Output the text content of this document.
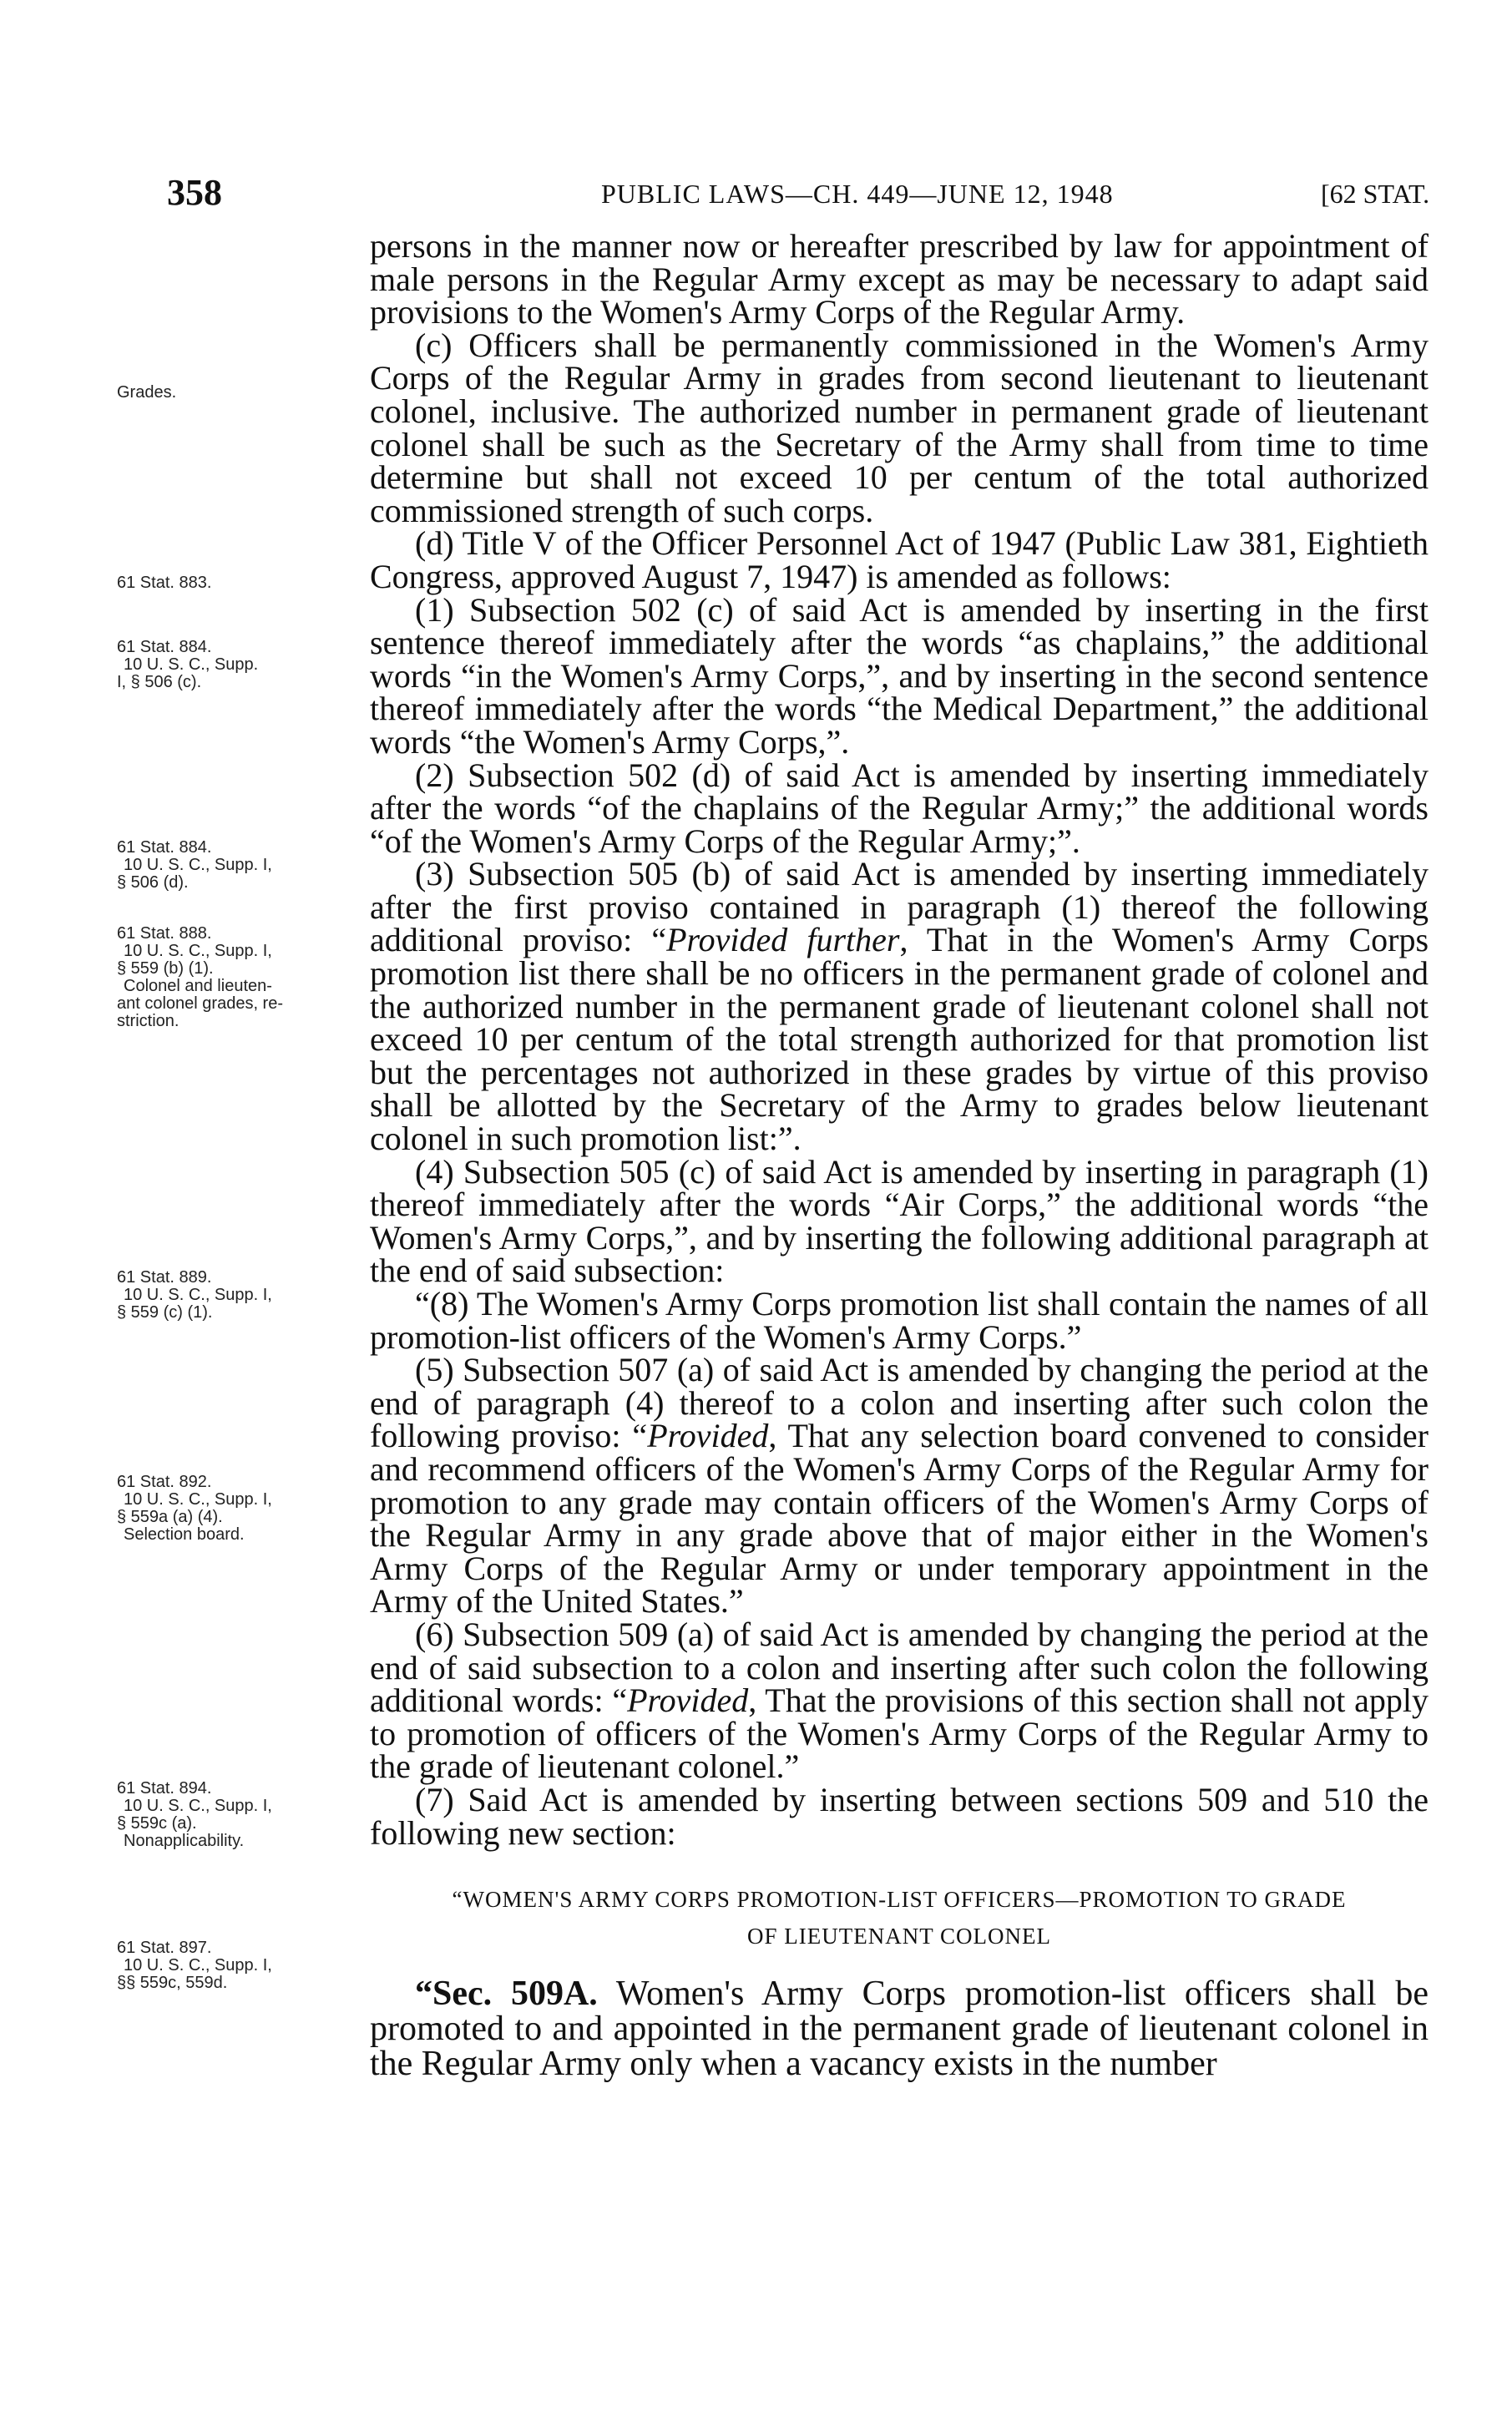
358	PUBLIC LAWS—CH. 449—JUNE 12, 1948	[62 STAT.
Grades.
61 Stat. 883.
61 Stat. 884.
10 U. S. C., Supp.
I, § 506 (c).
61 Stat. 884.
10 U. S. C., Supp. I,
§ 506 (d).
61 Stat. 888.
10 U. S. C., Supp. I,
§ 559 (b) (1).
Colonel and lieuten-
ant colonel grades, re-
striction.
61 Stat. 889.
10 U. S. C., Supp. I,
§ 559 (c) (1).
61 Stat. 892.
10 U. S. C., Supp. I,
§ 559a (a) (4).
Selection board.
61 Stat. 894.
10 U. S. C., Supp. I,
§ 559c (a).
Nonapplicability.
61 Stat. 897.
10 U. S. C., Supp. I,
§§ 559c, 559d.

persons in the manner now or hereafter prescribed by law for appointment of male persons in the Regular Army except as may be necessary to adapt said provisions to the Women's Army Corps of the Regular Army.

(c) Officers shall be permanently commissioned in the Women's Army Corps of the Regular Army in grades from second lieutenant to lieutenant colonel, inclusive. The authorized number in permanent grade of lieutenant colonel shall be such as the Secretary of the Army shall from time to time determine but shall not exceed 10 per centum of the total authorized commissioned strength of such corps.

(d) Title V of the Officer Personnel Act of 1947 (Public Law 381, Eightieth Congress, approved August 7, 1947) is amended as follows:

(1) Subsection 502 (c) of said Act is amended by inserting in the first sentence thereof immediately after the words “as chaplains,” the additional words “in the Women's Army Corps,”, and by inserting in the second sentence thereof immediately after the words “the Medical Department,” the additional words “the Women's Army Corps,”.

(2) Subsection 502 (d) of said Act is amended by inserting immediately after the words “of the chaplains of the Regular Army;” the additional words “of the Women's Army Corps of the Regular Army;”.

(3) Subsection 505 (b) of said Act is amended by inserting immediately after the first proviso contained in paragraph (1) thereof the following additional proviso: “Provided further, That in the Women's Army Corps promotion list there shall be no officers in the permanent grade of colonel and the authorized number in the permanent grade of lieutenant colonel shall not exceed 10 per centum of the total strength authorized for that promotion list but the percentages not authorized in these grades by virtue of this proviso shall be allotted by the Secretary of the Army to grades below lieutenant colonel in such promotion list:”.

(4) Subsection 505 (c) of said Act is amended by inserting in paragraph (1) thereof immediately after the words “Air Corps,” the additional words “the Women's Army Corps,”, and by inserting the following additional paragraph at the end of said subsection:

“(8) The Women's Army Corps promotion list shall contain the names of all promotion-list officers of the Women's Army Corps.”

(5) Subsection 507 (a) of said Act is amended by changing the period at the end of paragraph (4) thereof to a colon and inserting after such colon the following proviso: “Provided, That any selection board convened to consider and recommend officers of the Women's Army Corps of the Regular Army for promotion to any grade may contain officers of the Women's Army Corps of the Regular Army in any grade above that of major either in the Women's Army Corps of the Regular Army or under temporary appointment in the Army of the United States.”

(6) Subsection 509 (a) of said Act is amended by changing the period at the end of said subsection to a colon and inserting after such colon the following additional words: “Provided, That the provisions of this section shall not apply to promotion of officers of the Women's Army Corps of the Regular Army to the grade of lieutenant colonel.”

(7) Said Act is amended by inserting between sections 509 and 510 the following new section:

“WOMEN'S ARMY CORPS PROMOTION-LIST OFFICERS—PROMOTION TO GRADE
OF LIEUTENANT COLONEL

“Sec. 509A. Women's Army Corps promotion-list officers shall be promoted to and appointed in the permanent grade of lieutenant colonel in the Regular Army only when a vacancy exists in the number
